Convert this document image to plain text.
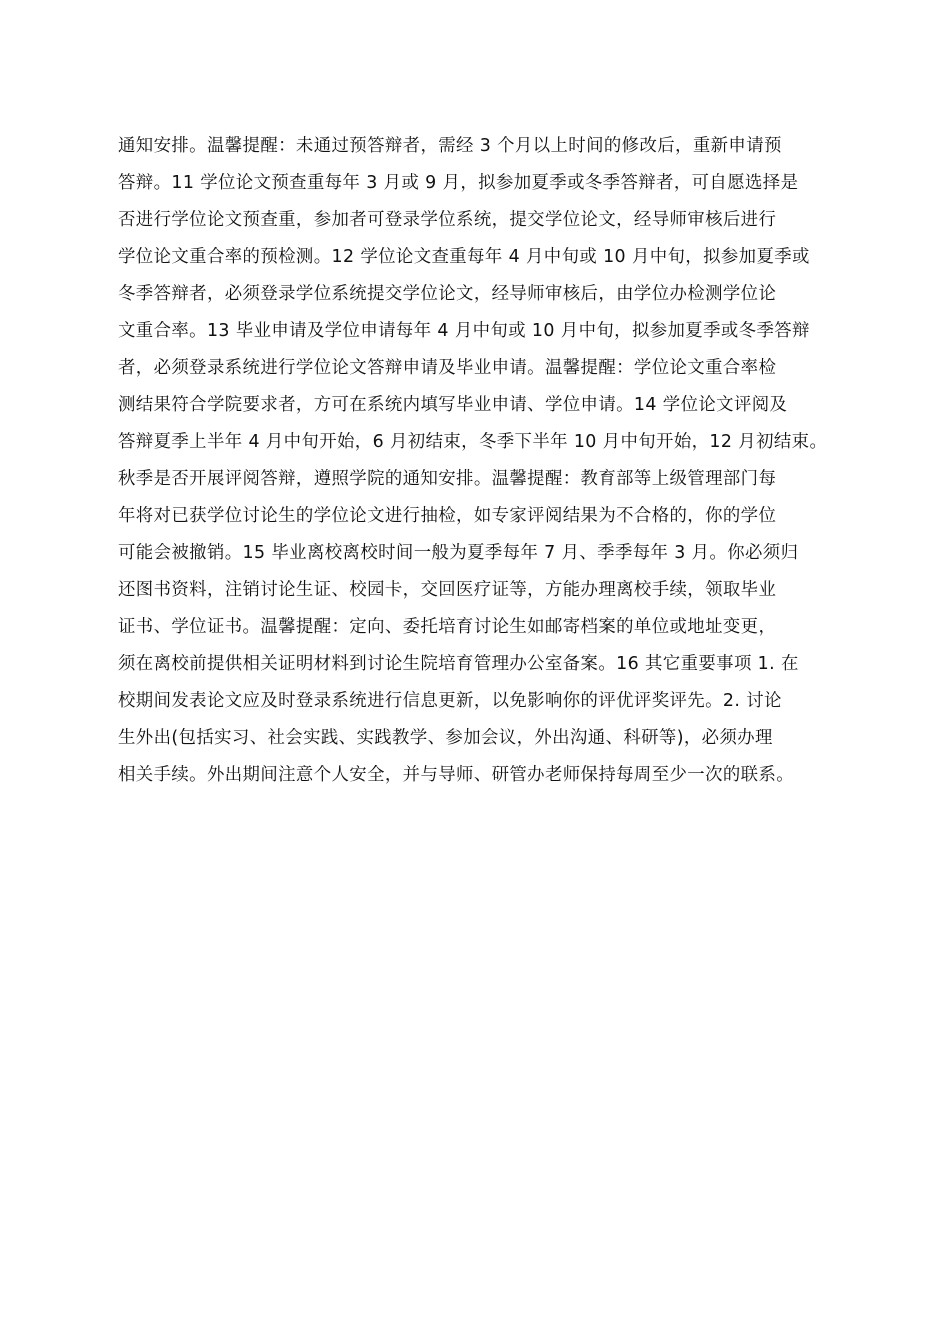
通知安排。温馨提醒：未通过预答辩者，需经 3 个月以上时间的修改后，重新申请预
答辩。11 学位论文预查重每年 3 月或 9 月，拟参加夏季或冬季答辩者，可自愿选择是
否进行学位论文预查重，参加者可登录学位系统，提交学位论文，经导师审核后进行
学位论文重合率的预检测。12 学位论文查重每年 4 月中旬或 10 月中旬，拟参加夏季或
冬季答辩者，必须登录学位系统提交学位论文，经导师审核后，由学位办检测学位论
文重合率。13 毕业申请及学位申请每年 4 月中旬或 10 月中旬，拟参加夏季或冬季答辩
者，必须登录系统进行学位论文答辩申请及毕业申请。温馨提醒：学位论文重合率检
测结果符合学院要求者，方可在系统内填写毕业申请、学位申请。14 学位论文评阅及
答辩夏季上半年 4 月中旬开始，6 月初结束，冬季下半年 10 月中旬开始，12 月初结束。
秋季是否开展评阅答辩，遵照学院的通知安排。温馨提醒：教育部等上级管理部门每
年将对已获学位讨论生的学位论文进行抽检，如专家评阅结果为不合格的，你的学位
可能会被撤销。15 毕业离校离校时间一般为夏季每年 7 月、季季每年 3 月。你必须归
还图书资料，注销讨论生证、校园卡，交回医疗证等，方能办理离校手续，领取毕业
证书、学位证书。温馨提醒：定向、委托培育讨论生如邮寄档案的单位或地址变更，
须在离校前提供相关证明材料到讨论生院培育管理办公室备案。16 其它重要事项 1. 在
校期间发表论文应及时登录系统进行信息更新，以免影响你的评优评奖评先。2. 讨论
生外出(包括实习、社会实践、实践教学、参加会议，外出沟通、科研等)，必须办理
相关手续。外出期间注意个人安全，并与导师、研管办老师保持每周至少一次的联系。
